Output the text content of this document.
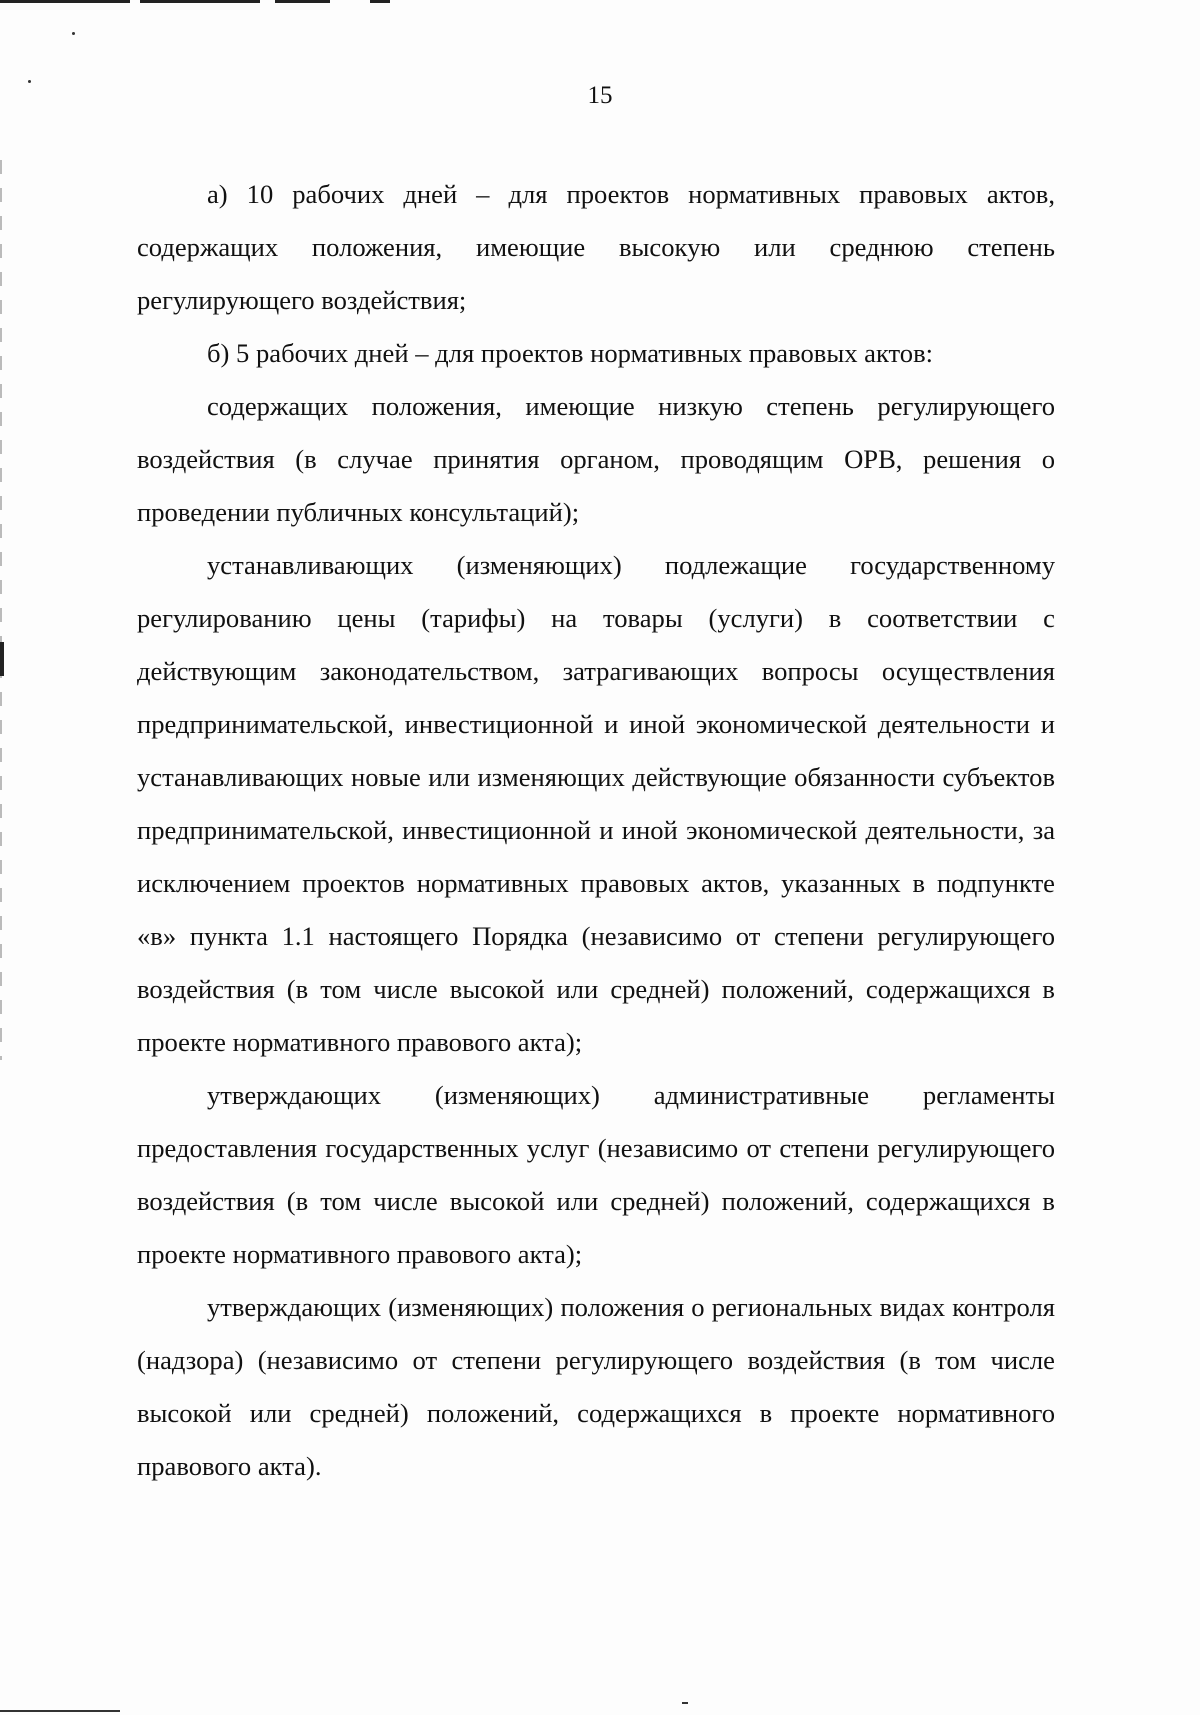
15

а) 10 рабочих дней – для проектов нормативных правовых актов, содержащих положения, имеющие высокую или среднюю степень регулирующего воздействия;

б) 5 рабочих дней – для проектов нормативных правовых актов:

содержащих положения, имеющие низкую степень регулирующего воздействия (в случае принятия органом, проводящим ОРВ, решения о проведении публичных консультаций);

устанавливающих (изменяющих) подлежащие государственному регулированию цены (тарифы) на товары (услуги) в соответствии с действующим законодательством, затрагивающих вопросы осуществления предпринимательской, инвестиционной и иной экономической деятельности и устанавливающих новые или изменяющих действующие обязанности субъектов предпринимательской, инвестиционной и иной экономической деятельности, за исключением проектов нормативных правовых актов, указанных в подпункте «в» пункта 1.1 настоящего Порядка (независимо от степени регулирующего воздействия (в том числе высокой или средней) положений, содержащихся в проекте нормативного правового акта);

утверждающих (изменяющих) административные регламенты предоставления государственных услуг (независимо от степени регулирующего воздействия (в том числе высокой или средней) положений, содержащихся в проекте нормативного правового акта);

утверждающих (изменяющих) положения о региональных видах контроля (надзора) (независимо от степени регулирующего воздействия (в том числе высокой или средней) положений, содержащихся в проекте нормативного правового акта).
